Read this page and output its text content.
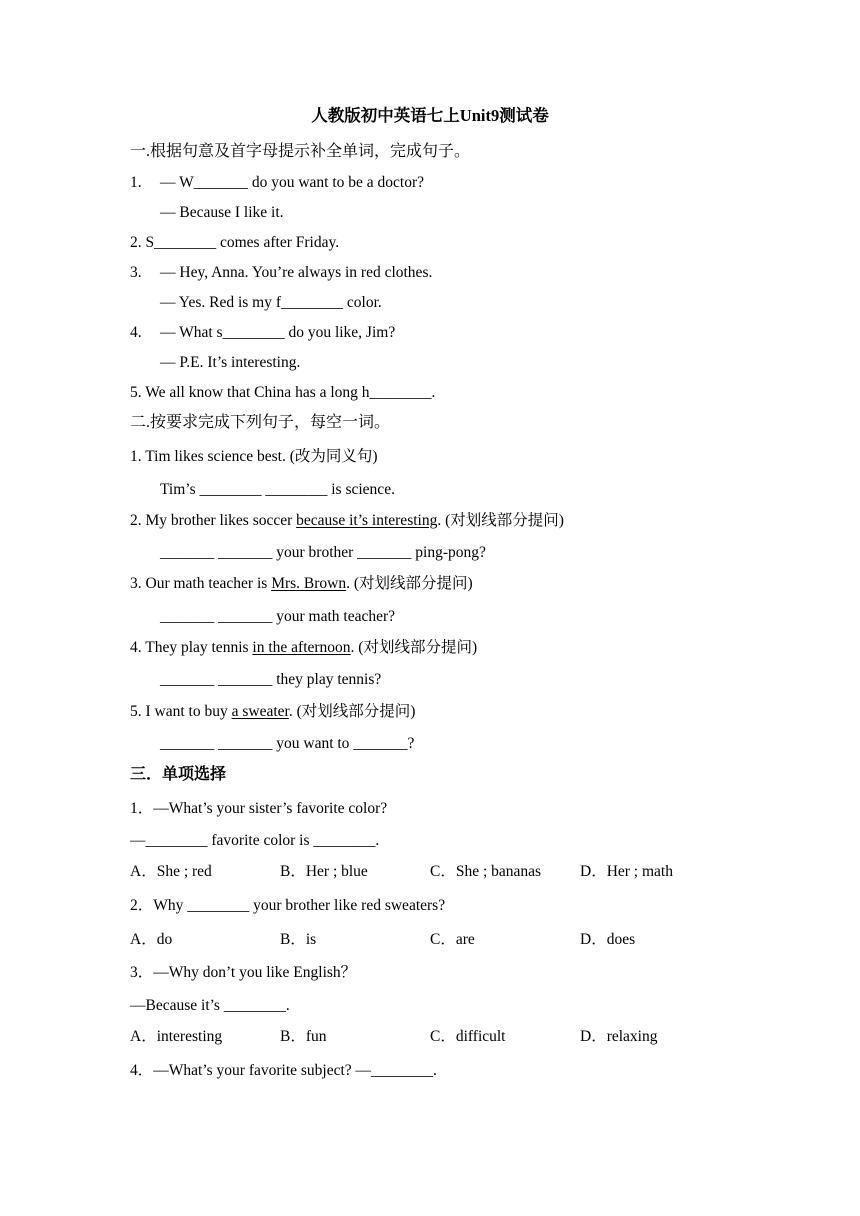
人教版初中英语七上Unit9测试卷
一.根据句意及首字母提示补全单词，完成句子。
1. — W_______ do you want to be a doctor?
— Because I like it.
2. S________ comes after Friday.
3. — Hey, Anna. You’re always in red clothes.
— Yes. Red is my f________ color.
4. — What s________ do you like, Jim?
— P.E. It’s interesting.
5. We all know that China has a long h________.
二.按要求完成下列句子，每空一词。
1. Tim likes science best. (改为同义句)
Tim’s ________ ________ is science.
2. My brother likes soccer because it’s interesting. (对划线部分提问)
_______ _______ your brother _______ ping-pong?
3. Our math teacher is Mrs. Brown. (对划线部分提问)
_______ _______ your math teacher?
4. They play tennis in the afternoon. (对划线部分提问)
_______ _______ they play tennis?
5. I want to buy a sweater. (对划线部分提问)
_______ _______ you want to _______?
三．单项选择
1．—What’s your sister’s favorite color?
—________ favorite color is ________.
A．She ; red	B．Her ; blue	C．She ; bananas	D．Her ; math
2．Why ________ your brother like red sweaters?
A．do	B．is	C．are	D．does
3．—Why don’t you like English？
—Because it’s ________.
A．interesting	B．fun	C．difficult	D．relaxing
4．—What’s your favorite subject? —________.
